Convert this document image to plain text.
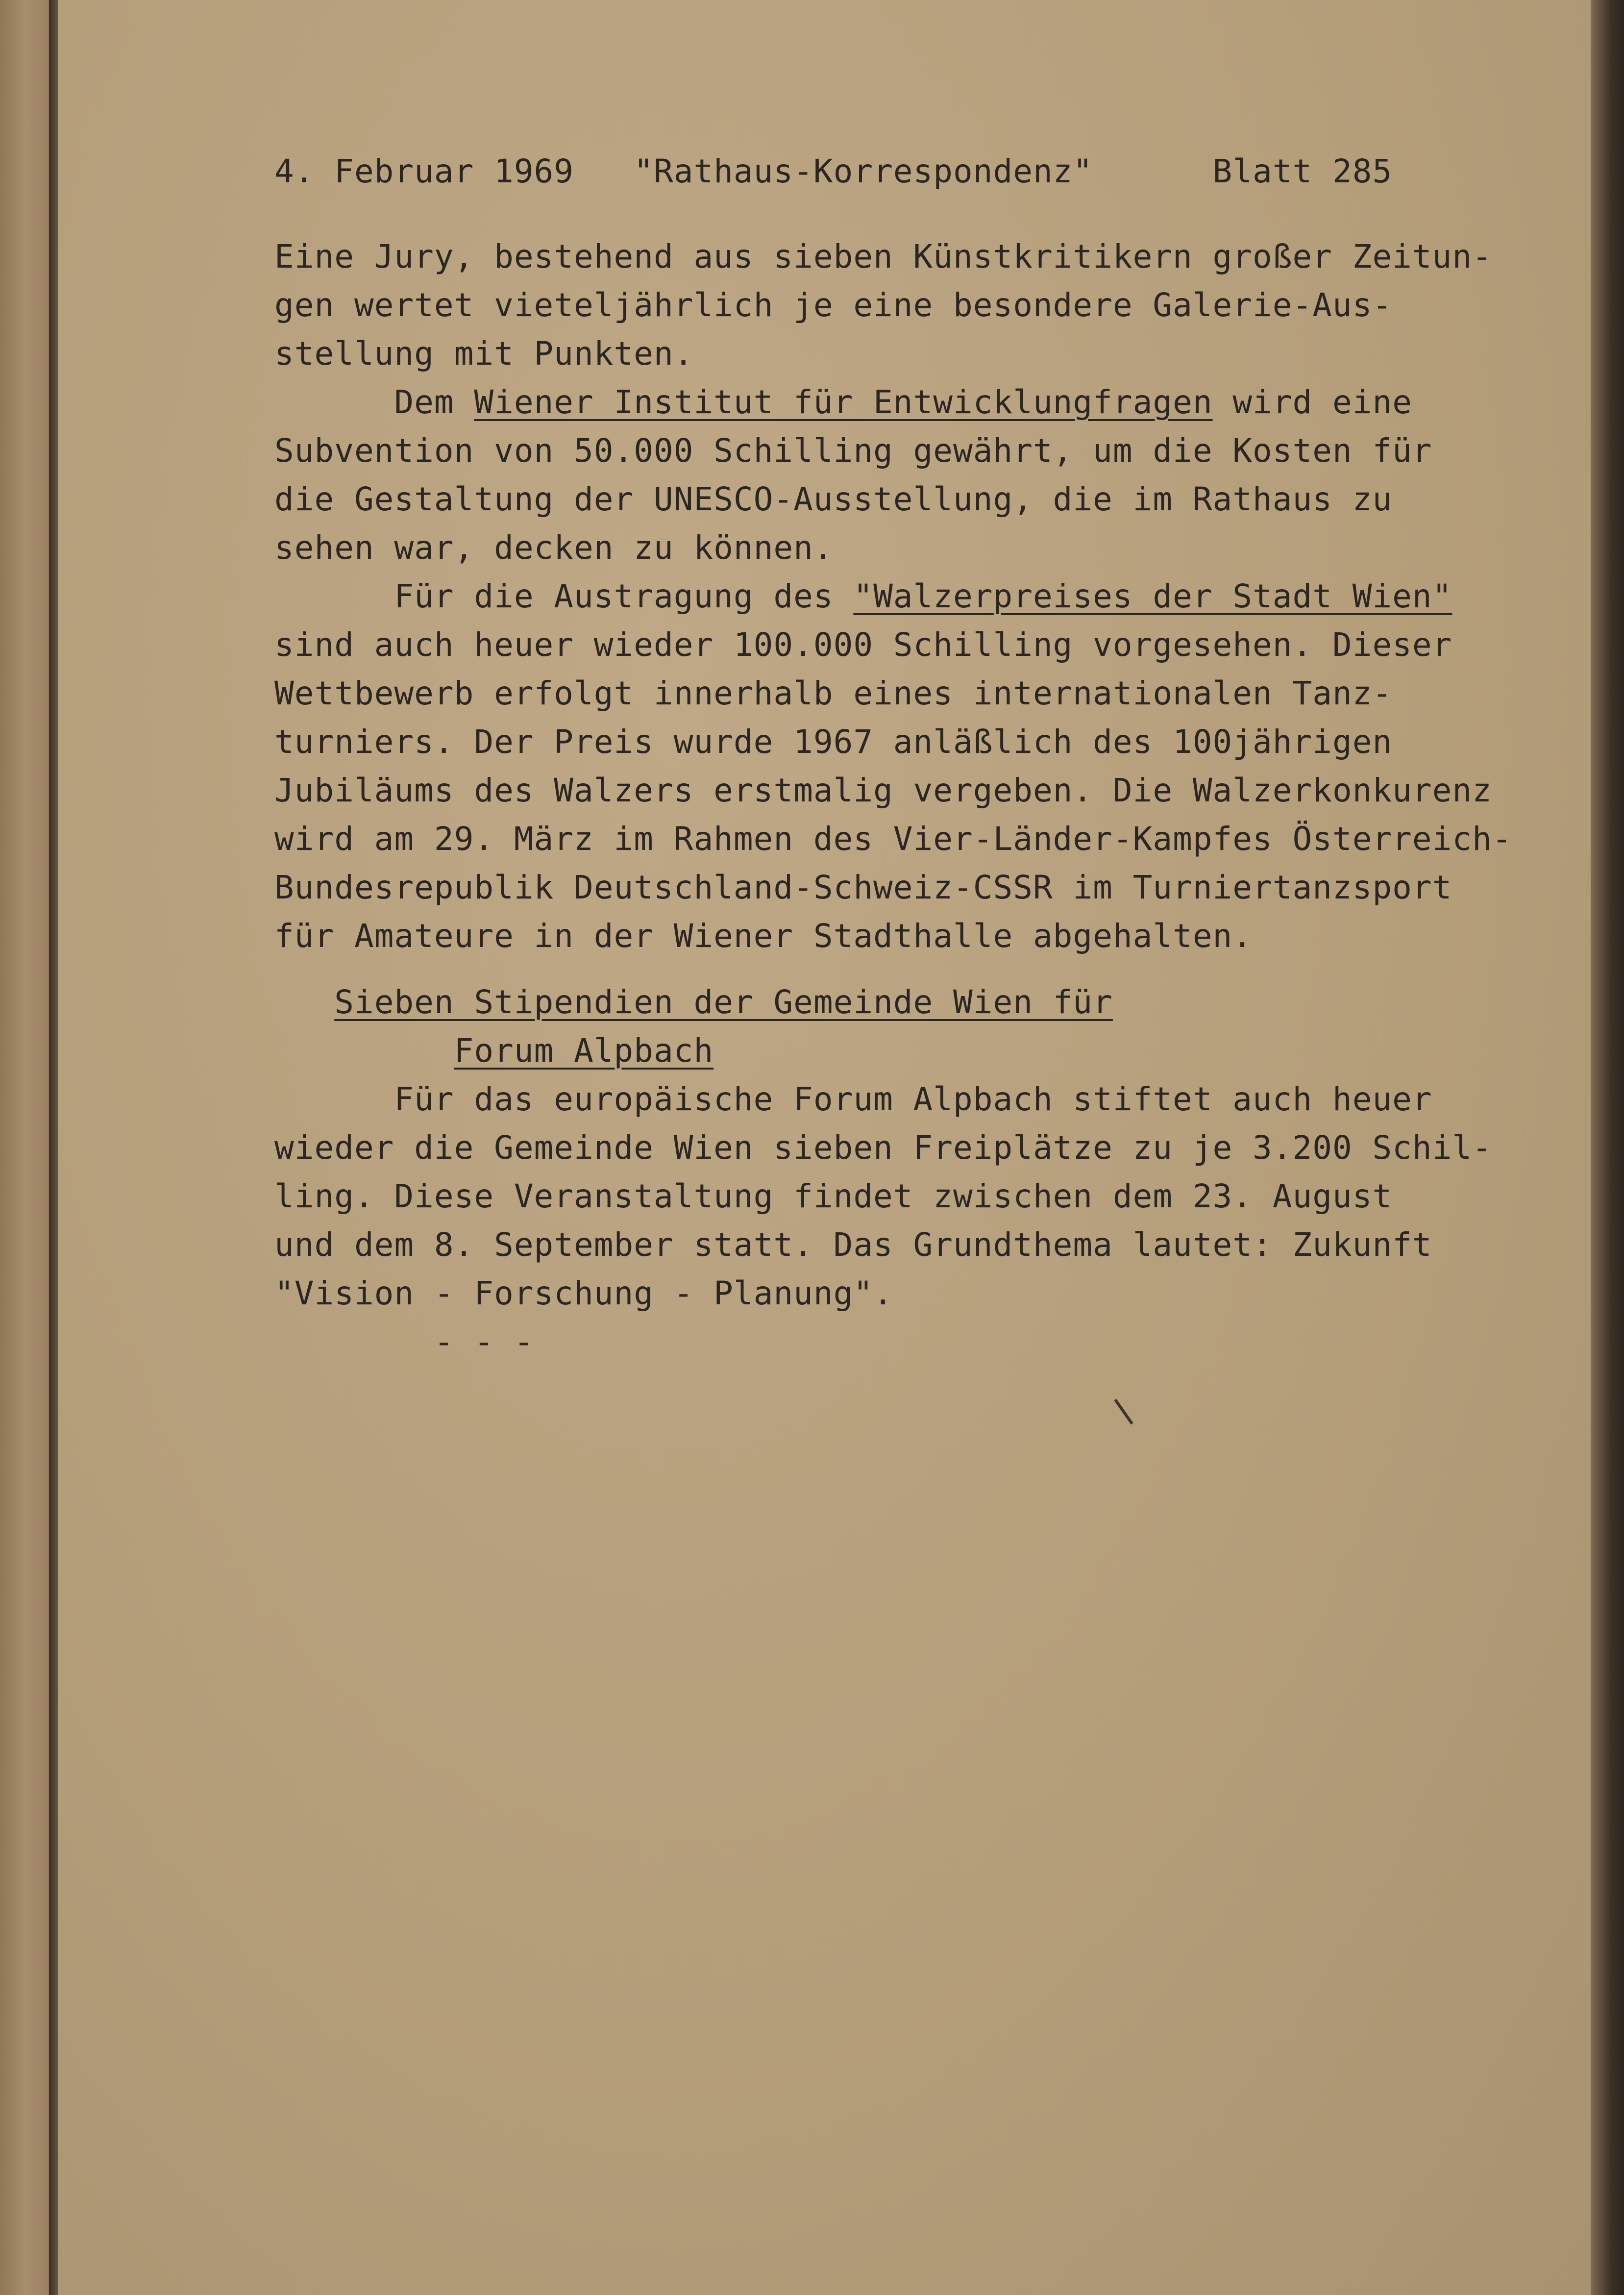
4. Februar 1969 "Rathaus-Korrespondenz"	Blatt 285
Eine Jury, bestehend aus sieben Künstkritikern großer Zeitun-
gen wertet vieteljährlich je eine besondere Galerie-Aus-
stellung mit Punkten.
Dem Wiener Institut für Entwicklungfragen wird eine
Subvention von 50.000 Schilling gewährt, um die Kosten für
die Gestaltung der UNESCO-Ausstellung, die im Rathaus zu
sehen war, decken zu können.
Für die Austragung des "Walzerpreises der Stadt Wien"
sind auch heuer wieder 100.000 Schilling vorgesehen. Dieser
Wettbewerb erfolgt innerhalb eines internationalen Tanz-
turniers. Der Preis wurde 1967 anläßlich des 100jährigen
Jubiläums des Walzers erstmalig vergeben. Die Walzerkonkurenz
wird am 29. März im Rahmen des Vier-Länder-Kampfes Österreich-
Bundesrepublik Deutschland-Schweiz-CSSR im Turniertanzsport
für Amateure in der Wiener Stadthalle abgehalten.
Sieben Stipendien der Gemeinde Wien für
Forum Alpbach
Für das europäische Forum Alpbach stiftet auch heuer
wieder die Gemeinde Wien sieben Freiplätze zu je 3.200 Schil-
ling. Diese Veranstaltung findet zwischen dem 23. August
und dem 8. September statt. Das Grundthema lautet: Zukunft
"Vision - Forschung - Planung".
- - -
